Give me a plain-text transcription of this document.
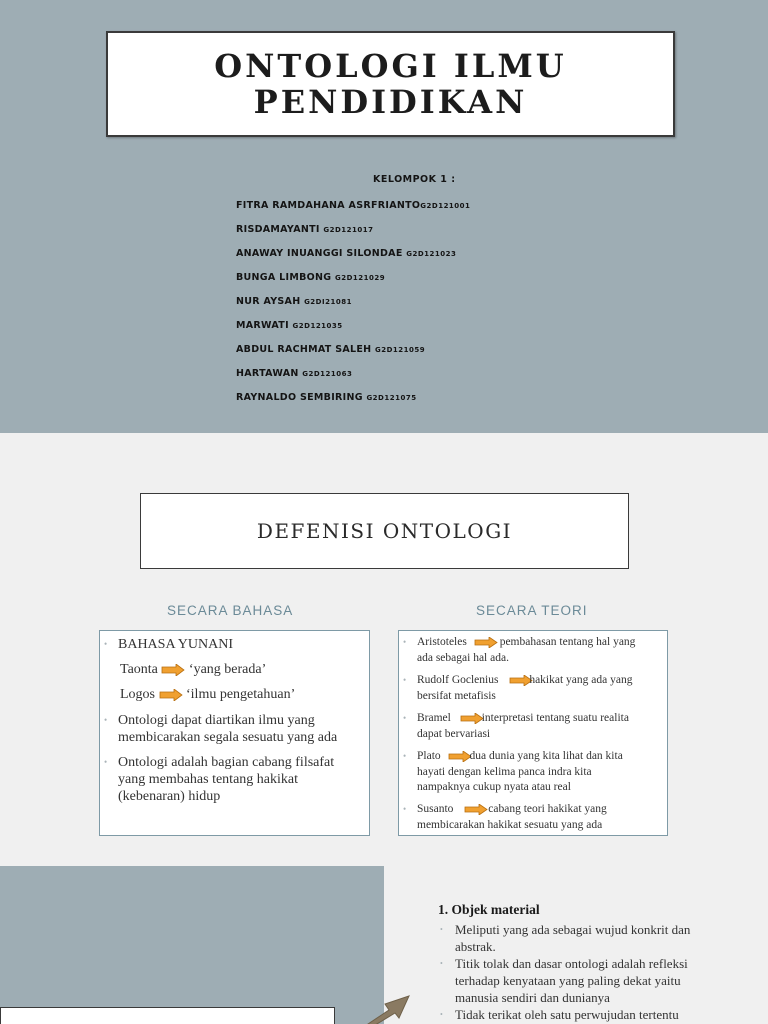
ONTOLOGI ILMU
PENDIDIKAN
KELOMPOK 1 :
FITRA RAMDAHANA ASRFRIANTOG2D121001
RISDAMAYANTI G2D121017
ANAWAY INUANGGI SILONDAE G2D121023
BUNGA LIMBONG G2D121029
NUR AYSAH G2DI21081
MARWATI G2D121035
ABDUL RACHMAT SALEH G2D121059
HARTAWAN G2D121063
RAYNALDO SEMBIRING G2D121075
DEFENISI ONTOLOGI
SECARA BAHASA	SECARA TEORI
• BAHASA YUNANI
Taonta ‘yang berada’
Logos ‘ilmu pengetahuan’
• Ontologi dapat diartikan ilmu yang
membicarakan segala sesuatu yang ada
• Ontologi adalah bagian cabang filsafat
yang membahas tentang hakikat
(kebenaran) hidup
• Aristoteles	pembahasan tentang hal yang
ada sebagai hal ada.
• Rudolf Goclenius	hakikat yang ada yang
bersifat metafisis
• Bramel	interpretasi tentang suatu realita
dapat bervariasi
• Plato	dua dunia yang kita lihat dan kita
hayati dengan kelima panca indra kita
nampaknya cukup nyata atau real
• Susanto	cabang teori hakikat yang
membicarakan hakikat sesuatu yang ada
1. Objek material
• Meliputi yang ada sebagai wujud konkrit dan
abstrak.
• Titik tolak dan dasar ontologi adalah refleksi
terhadap kenyataan yang paling dekat yaitu
manusia sendiri dan dunianya
• Tidak terikat oleh satu perwujudan tertentu
